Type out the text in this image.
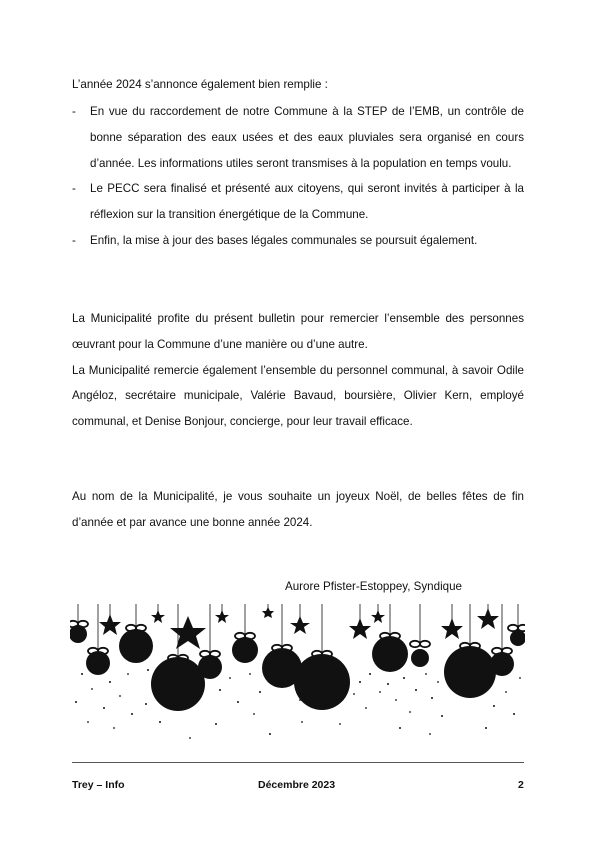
L’année 2024 s’annonce également bien remplie :

- En vue du raccordement de notre Commune à la STEP de l’EMB, un contrôle de bonne séparation des eaux usées et des eaux pluviales sera organisé en cours d’année. Les informations utiles seront transmises à la population en temps voulu.
- Le PECC sera finalisé et présenté aux citoyens, qui seront invités à participer à la réflexion sur la transition énergétique de la Commune.
- Enfin, la mise à jour des bases légales communales se poursuit également.

La Municipalité profite du présent bulletin pour remercier l’ensemble des personnes œuvrant pour la Commune d’une manière ou d’une autre.

La Municipalité remercie également l’ensemble du personnel communal, à savoir Odile Angéloz, secrétaire municipale, Valérie Bavaud, boursière, Olivier Kern, employé communal, et Denise Bonjour, concierge, pour leur travail efficace.

Au nom de la Municipalité, je vous souhaite un joyeux Noël, de belles fêtes de fin d’année et par avance une bonne année 2024.

Aurore Pfister-Estoppey, Syndique

Trey – Info	Décembre 2023	2
